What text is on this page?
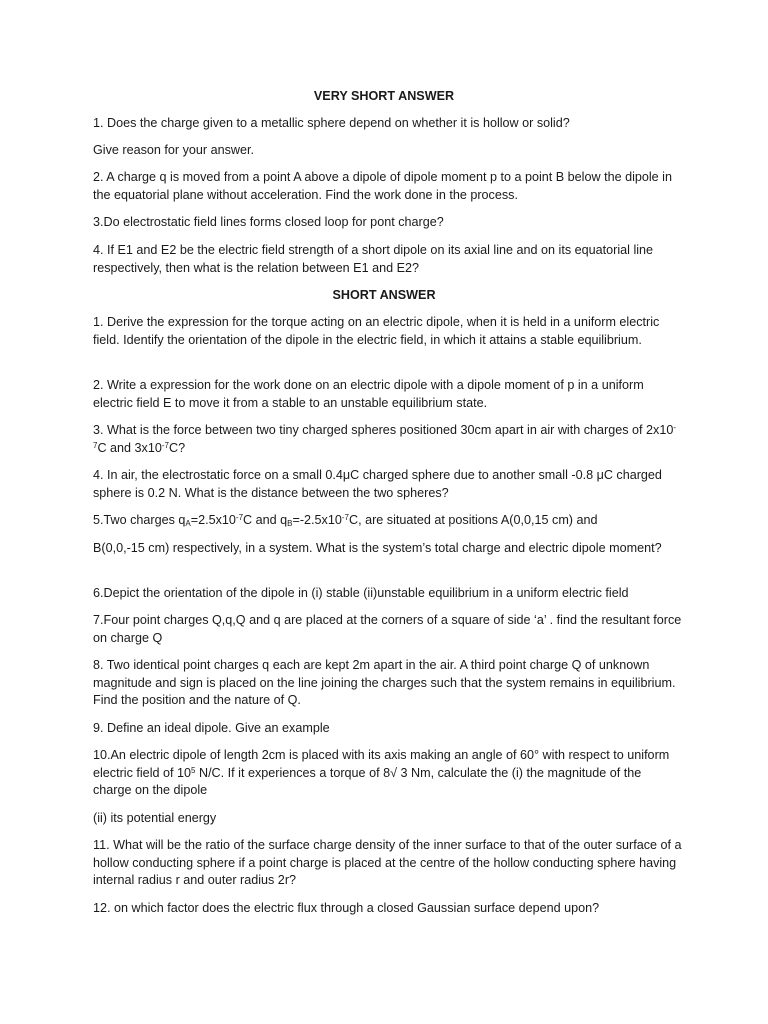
VERY SHORT ANSWER

1. Does the charge given to a metallic sphere depend on whether it is hollow or solid?

Give reason for your answer.

2. A charge q is moved from a point A above a dipole of dipole moment p to a point B below the dipole in the equatorial plane without acceleration. Find the work done in the process.

3.Do electrostatic field lines forms closed loop for pont charge?

4. If E1 and E2 be the electric field strength of a short dipole on its axial line and on its equatorial line respectively, then what is the relation between E1 and E2?

SHORT ANSWER

1. Derive the expression for the torque acting on an electric dipole, when it is held in a uniform electric field. Identify the orientation of the dipole in the electric field, in which it attains a stable equilibrium.

2. Write a expression for the work done on an electric dipole with a dipole moment of p in a uniform electric field E to move it from a stable to an unstable equilibrium state.

3. What is the force between two tiny charged spheres positioned 30cm apart in air with charges of $2x10^{-7}C$ and $3x10^{-7}C$?

4. In air, the electrostatic force on a small 0.4μC charged sphere due to another small -0.8 μC charged sphere is 0.2 N. What is the distance between the two spheres?

5.Two charges $q_A=2.5x10^{-7}C$ and $q_B=-2.5x10^{-7}C$, are situated at positions A(0,0,15 cm) and

B(0,0,-15 cm) respectively, in a system. What is the system’s total charge and electric dipole moment?

6.Depict the orientation of the dipole in (i) stable (ii)unstable equilibrium in a uniform electric field

7.Four point charges Q,q,Q and q are placed at the corners of a square of side ‘a’ . find the resultant force on charge Q

8. Two identical point charges q each are kept 2m apart in the air. A third point charge Q of unknown magnitude and sign is placed on the line joining the charges such that the system remains in equilibrium. Find the position and the nature of Q.

9. Define an ideal dipole. Give an example

10.An electric dipole of length 2cm is placed with its axis making an angle of 60° with respect to uniform electric field of $10^5$ N/C. If it experiences a torque of 8√ 3 Nm, calculate the (i) the magnitude of the charge on the dipole

(ii) its potential energy

11. What will be the ratio of the surface charge density of the inner surface to that of the outer surface of a hollow conducting sphere if a point charge is placed at the centre of the hollow conducting sphere having internal radius r and outer radius 2r?

12. on which factor does the electric flux through a closed Gaussian surface depend upon?
